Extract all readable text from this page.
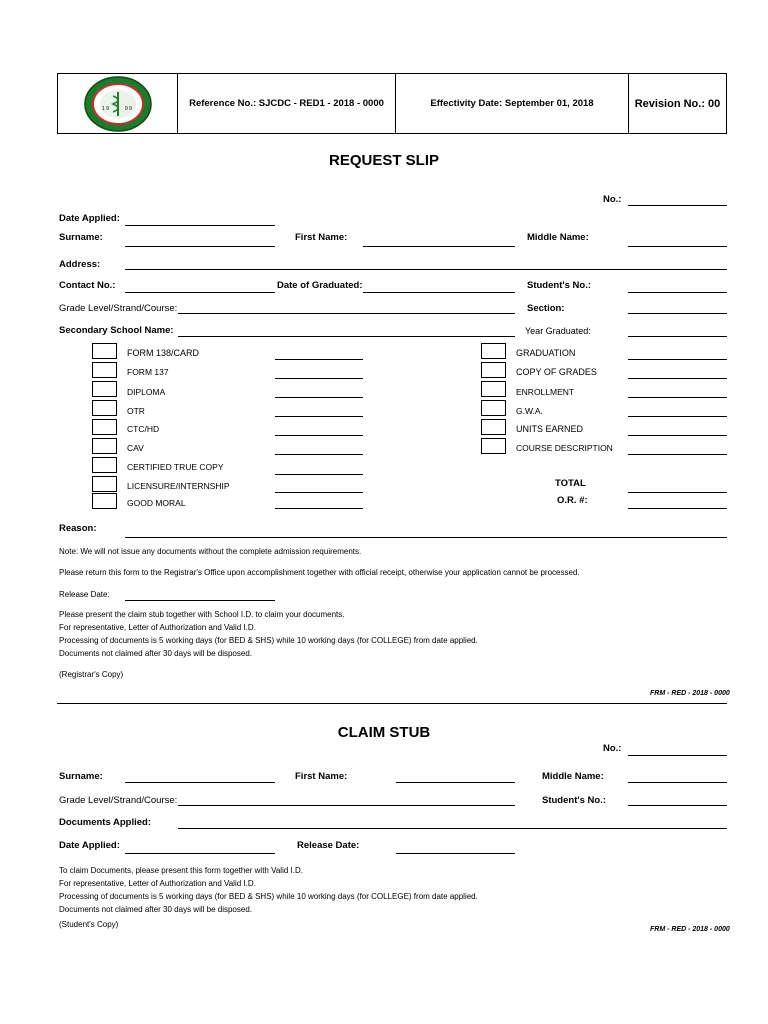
1 9	9 9	Reference No.: SJCDC - RED1 - 2018 - 0000	Effectivity Date: September 01, 2018	Revision No.: 00
REQUEST SLIP
No.:
Date Applied:
Surname:	First Name:	Middle Name:
Address:
Contact No.:	Date of Graduated:	Student's No.:
Grade Level/Strand/Course:	Section:
Secondary School Name:	Year Graduated:
FORM 138/CARD
FORM 137
DIPLOMA
OTR
CTC/HD
CAV
CERTIFIED TRUE COPY
LICENSURE/INTERNSHIP
GOOD MORAL
GRADUATION
COPY OF GRADES
ENROLLMENT
G.W.A.
UNITS EARNED
COURSE DESCRIPTION
TOTAL
O.R. #:
Reason:
Note: We will not issue any documents without the complete admission requirements.
Please return this form to the Registrar's Office upon accomplishment together with official receipt, otherwise your application cannot be processed.
Release Date:
Please present the claim stub together with School I.D. to claim your documents.
For representative, Letter of Authorization and Valid I.D.
Processing of documents is 5 working days (for BED & SHS) while 10 working days (for COLLEGE) from date applied.
Documents not claimed after 30 days will be disposed.
(Registrar's Copy)
FRM - RED - 2018 - 0000
CLAIM STUB
No.:
Surname:	First Name:	Middle Name:
Grade Level/Strand/Course:	Student's No.:
Documents Applied:
Date Applied:	Release Date:
To claim Documents, please present this form together with Valid I.D.
For representative, Letter of Authorization and Valid I.D.
Processing of documents is 5 working days (for BED & SHS) while 10 working days (for COLLEGE) from date applied.
Documents not claimed after 30 days will be disposed.
(Student's Copy)
FRM - RED - 2018 - 0000
